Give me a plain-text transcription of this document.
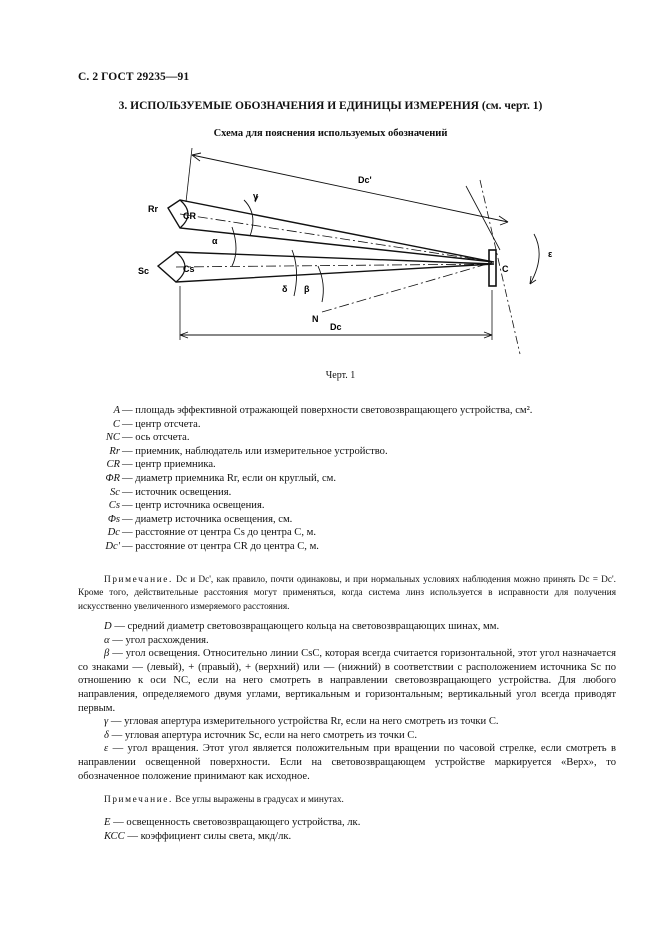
С. 2 ГОСТ 29235—91
3. ИСПОЛЬЗУЕМЫЕ ОБОЗНАЧЕНИЯ И ЕДИНИЦЫ ИЗМЕРЕНИЯ (см. черт. 1)
Схема для пояснения используемых обозначений
Rr
CR
Sc	Cs	C
N
Dc'
Dc
α
β
γ
δ
ε
Черт. 1
A — площадь эффективной отражающей поверхности световозвращающего устройства, см².
C — центр отсчета.
NC — ось отсчета.
Rr — приемник, наблюдатель или измерительное устройство.
CR — центр приемника.
ΦR — диаметр приемника Rr, если он круглый, см.
Sc — источник освещения.
Cs — центр источника освещения.
Φs — диаметр источника освещения, см.
Dc — расстояние от центра Cs до центра C, м.
Dc' — расстояние от центра CR до центра C, м.
Примечание. Dc и Dc', как правило, почти одинаковы, и при нормальных условиях наблюдения можно принять Dc = Dc'. Кроме того, действительные расстояния могут применяться, когда система линз используется в исправности для получения искусственно увеличенного измеряемого расстояния.
D — средний диаметр световозвращающего кольца на световозвращающих шинах, мм.
α — угол расхождения.
β — угол освещения. Относительно линии CsC, которая всегда считается горизонтальной, этот угол назначается со знаками — (левый), + (правый), + (верхний) или — (нижний) в соответствии с расположением источника Sc по отношению к оси NC, если на него смотреть в направлении световозвращающего устройства. Для любого направления, определяемого двумя углами, вертикальным и горизонтальным; вертикальный угол всегда приводят первым.
γ — угловая апертура измерительного устройства Rr, если на него смотреть из точки C.
δ — угловая апертура источник Sc, если на него смотреть из точки C.
ε — угол вращения. Этот угол является положительным при вращении по часовой стрелке, если смотреть в направлении освещенной поверхности. Если на световозвращающем устройстве маркируется «Верх», то обозначенное положение принимают как исходное.
Примечание. Все углы выражены в градусах и минутах.
E — освещенность световозвращающего устройства, лк.
КСС — коэффициент силы света, мкд/лк.
